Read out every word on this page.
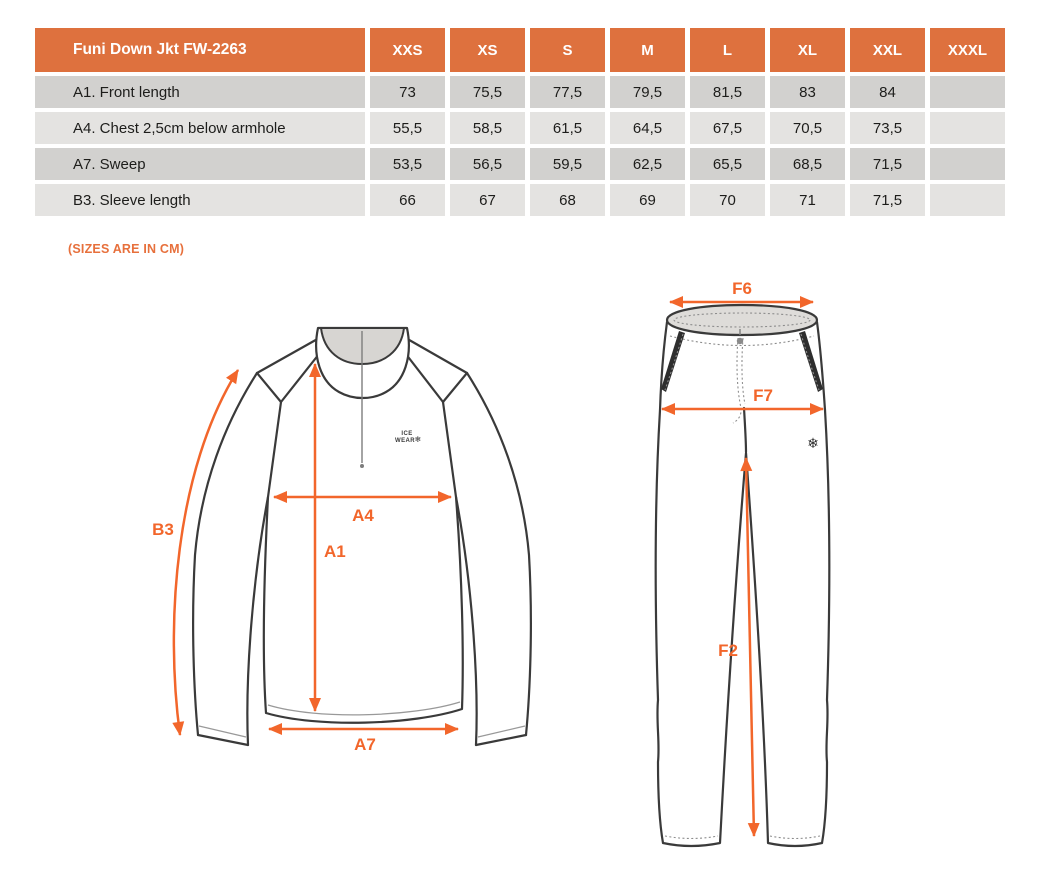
Funi Down Jkt FW-2263	XXS	XS	S	M	L	XL	XXL	XXXL
A1. Front length	73	75,5	77,5	79,5	81,5	83	84
A4. Chest 2,5cm below armhole	55,5	58,5	61,5	64,5	67,5	70,5	73,5
A7. Sweep	53,5	56,5	59,5	62,5	65,5	68,5	71,5
B3. Sleeve length	66	67	68	69	70	71	71,5
(SIZES ARE IN CM)
ICE
WEAR ❄
B3
A1
A4
A7
❄
F6
F7
F2
